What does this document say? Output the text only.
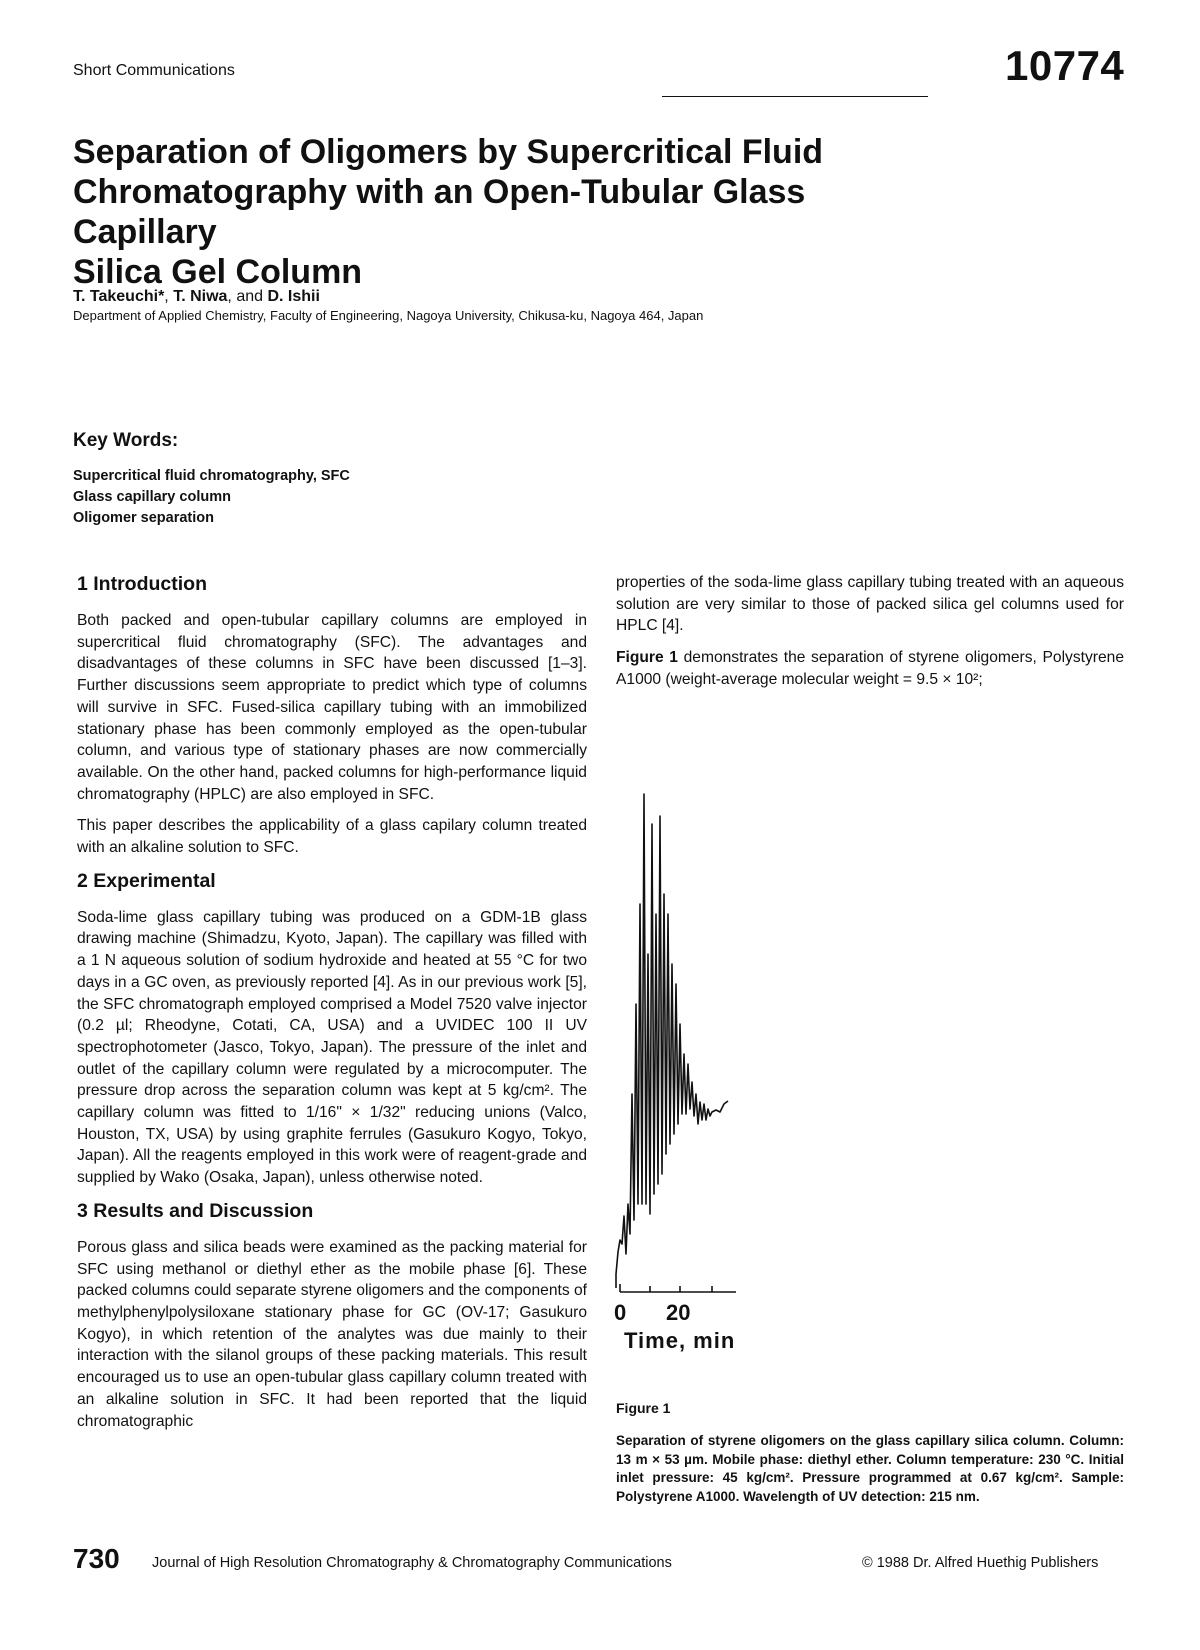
Short Communications	10774
Separation of Oligomers by Supercritical Fluid
Chromatography with an Open-Tubular Glass Capillary
Silica Gel Column
T. Takeuchi*, T. Niwa, and D. Ishii
Department of Applied Chemistry, Faculty of Engineering, Nagoya University, Chikusa-ku, Nagoya 464, Japan
Key Words:
Supercritical fluid chromatography, SFC
Glass capillary column
Oligomer separation
1 Introduction

Both packed and open-tubular capillary columns are employed in supercritical fluid chromatography (SFC). The advantages and disadvantages of these columns in SFC have been discussed [1–3]. Further discussions seem appropriate to predict which type of columns will survive in SFC. Fused-silica capillary tubing with an immobilized stationary phase has been commonly employed as the open-tubular column, and various type of stationary phases are now commercially available. On the other hand, packed columns for high-performance liquid chromatography (HPLC) are also employed in SFC.

This paper describes the applicability of a glass capilary column treated with an alkaline solution to SFC.

2 Experimental

Soda-lime glass capillary tubing was produced on a GDM-1B glass drawing machine (Shimadzu, Kyoto, Japan). The capillary was filled with a 1 N aqueous solution of sodium hydroxide and heated at 55 °C for two days in a GC oven, as previously reported [4]. As in our previous work [5], the SFC chromatograph employed comprised a Model 7520 valve injector (0.2 µl; Rheodyne, Cotati, CA, USA) and a UVIDEC 100 II UV spectrophotometer (Jasco, Tokyo, Japan). The pressure of the inlet and outlet of the capillary column were regulated by a microcomputer. The pressure drop across the separation column was kept at 5 kg/cm². The capillary column was fitted to 1/16" × 1/32" reducing unions (Valco, Houston, TX, USA) by using graphite ferrules (Gasukuro Kogyo, Tokyo, Japan). All the reagents employed in this work were of reagent-grade and supplied by Wako (Osaka, Japan), unless otherwise noted.

3 Results and Discussion

Porous glass and silica beads were examined as the packing material for SFC using methanol or diethyl ether as the mobile phase [6]. These packed columns could separate styrene oligomers and the components of methylphenylpolysiloxane stationary phase for GC (OV-17; Gasukuro Kogyo), in which retention of the analytes was due mainly to their interaction with the silanol groups of these packing materials. This result encouraged us to use an open-tubular glass capillary column treated with an alkaline solution in SFC. It had been reported that the liquid chromatographic

properties of the soda-lime glass capillary tubing treated with an aqueous solution are very similar to those of packed silica gel columns used for HPLC [4].

Figure 1 demonstrates the separation of styrene oligomers, Polystyrene A1000 (weight-average molecular weight = 9.5 × 10²;

0 20
Time, min
Figure 1
Separation of styrene oligomers on the glass capillary silica column. Column: 13 m × 53 µm. Mobile phase: diethyl ether. Column temperature: 230 °C. Initial inlet pressure: 45 kg/cm². Pressure programmed at 0.67 kg/cm². Sample: Polystyrene A1000. Wavelength of UV detection: 215 nm.
730 Journal of High Resolution Chromatography & Chromatography Communications	© 1988 Dr. Alfred Huethig Publishers
